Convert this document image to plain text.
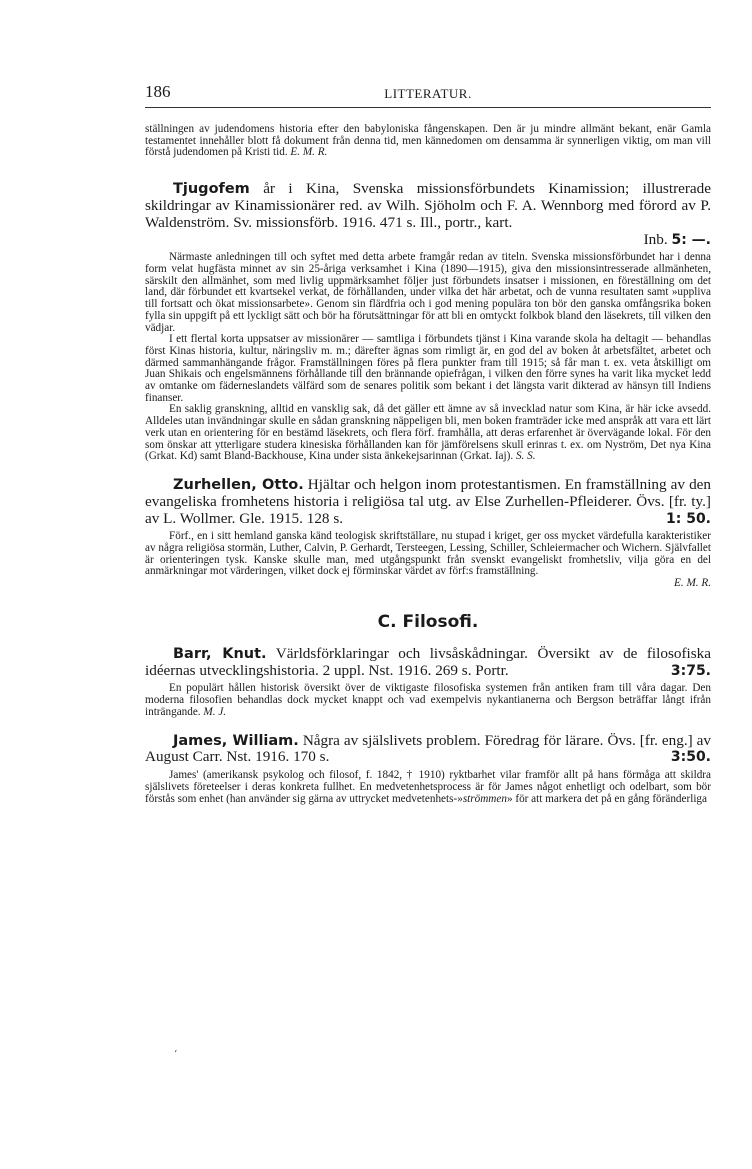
186	LITTERATUR.

ställningen av judendomens historia efter den babyloniska fångenskapen. Den är ju mindre allmänt bekant, enär Gamla testamentet innehåller blott få dokument från denna tid, men kännedomen om densamma är synnerligen viktig, om man vill förstå judendomen på Kristi tid. E. M. R.

Tjugofem år i Kina, Svenska missionsförbundets Kinamission; illustrerade skildringar av Kinamissionärer red. av Wilh. Sjöholm och F. A. Wennborg med förord av P. Waldenström. Sv. missionsförb. 1916. 471 s. Ill., portr., kart.

Inb. 5: —.

Närmaste anledningen till och syftet med detta arbete framgår redan av titeln. Svenska missionsförbundet har i denna form velat hugfästa minnet av sin 25-åriga verksamhet i Kina (1890—1915), giva den missionsintresserade allmänheten, särskilt den allmänhet, som med livlig uppmärksamhet följer just förbundets insatser i missionen, en föreställning om det land, där förbundet ett kvartsekel verkat, de förhållanden, under vilka det här arbetat, och de vunna resultaten samt »uppliva till fortsatt och ökat missionsarbete». Genom sin flärdfria och i god mening populära ton bör den ganska omfångsrika boken fylla sin uppgift på ett lyckligt sätt och bör ha förutsättningar för att bli en omtyckt folkbok bland den läsekrets, till vilken den vädjar.

I ett flertal korta uppsatser av missionärer — samtliga i förbundets tjänst i Kina varande skola ha deltagit — behandlas först Kinas historia, kultur, näringsliv m. m.; därefter ägnas som rimligt är, en god del av boken åt arbetsfältet, arbetet och därmed sammanhängande frågor. Framställningen föres på flera punkter fram till 1915; så får man t. ex. veta åtskilligt om Juan Shikais och engelsmännens förhållande till den brännande opiefrågan, i vilken den förre synes ha varit lika mycket ledd av omtanke om fäderneslandets välfärd som de senares politik som bekant i det längsta varit dikterad av hänsyn till Indiens finanser.

En saklig granskning, alltid en vansklig sak, då det gäller ett ämne av så invecklad natur som Kina, är här icke avsedd. Alldeles utan invändningar skulle en sådan granskning näppeligen bli, men boken framträder icke med anspråk att vara ett lärt verk utan en orientering för en bestämd läsekrets, och flera förf. framhålla, att deras erfarenhet är övervägande lokal. För den som önskar att ytterligare studera kinesiska förhållanden kan för jämförelsens skull erinras t. ex. om Nyström, Det nya Kina (Grkat. Kd) samt Bland-Backhouse, Kina under sista änkekejsarinnan (Grkat. Iaj). S. S.

Zurhellen, Otto. Hjältar och helgon inom protestantismen. En framställning av den evangeliska fromhetens historia i religiösa tal utg. av Else Zurhellen-Pfleiderer. Övs. [fr. ty.] av L. Wollmer. Gle. 1915. 128 s.	1: 50.

Förf., en i sitt hemland ganska känd teologisk skriftställare, nu stupad i kriget, ger oss mycket värdefulla karakteristiker av några religiösa stormän, Luther, Calvin, P. Gerhardt, Tersteegen, Lessing, Schiller, Schleiermacher och Wichern. Självfallet är orienteringen tysk. Kanske skulle man, med utgångspunkt från svenskt evangeliskt fromhetsliv, vilja göra en del anmärkningar mot värderingen, vilket dock ej förminskar värdet av förf:s framställning.

E. M. R.

C. Filosofi.

Barr, Knut. Världsförklaringar och livsåskådningar. Översikt av de filosofiska idéernas utvecklingshistoria. 2 uppl. Nst. 1916. 269 s. Portr.	3:75.

En populärt hållen historisk översikt över de viktigaste filosofiska systemen från antiken fram till våra dagar. Den moderna filosofien behandlas dock mycket knappt och vad exempelvis nykantianerna och Bergson beträffar långt ifrån inträngande. M. J.

James, William. Några av själslivets problem. Föredrag för lärare. Övs. [fr. eng.] av August Carr. Nst. 1916. 170 s.	3:50.

James' (amerikansk psykolog och filosof, f. 1842, † 1910) ryktbarhet vilar framför allt på hans förmåga att skildra själslivets företeelser i deras konkreta fullhet. En medvetenhetsprocess är för James något enhetligt och odelbart, som bör förstås som enhet (han använder sig gärna av uttrycket medvetenhets-»strömmen» för att markera det på en gång föränderliga

ʼ
